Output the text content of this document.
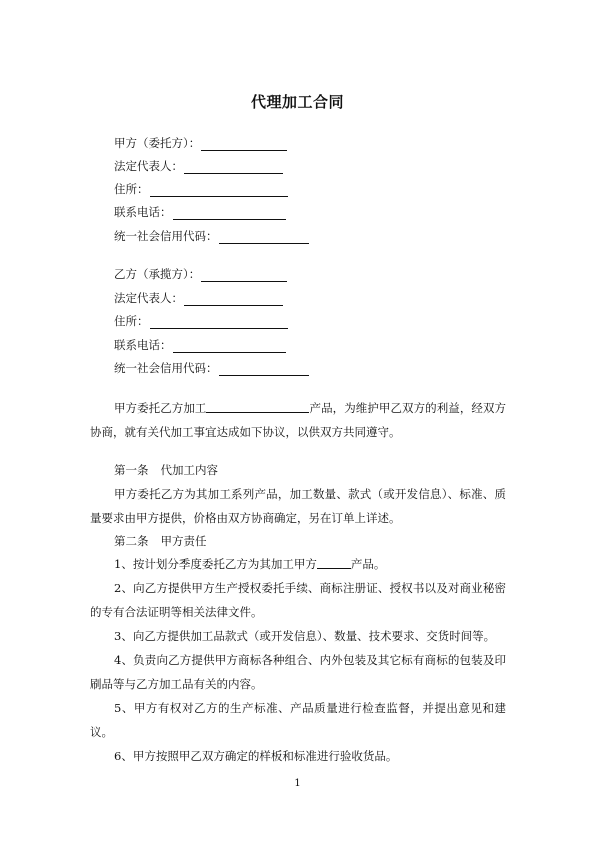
代理加工合同
甲方（委托方）：
法定代表人：
住所：
联系电话：
统一社会信用代码：
乙方（承揽方）：
法定代表人：
住所：
联系电话：
统一社会信用代码：

甲方委托乙方加工	产品，为维护甲乙双方的利益，经双方协商，就有关代加工事宜达成如下协议，以供双方共同遵守。

第一条 代加工内容

甲方委托乙方为其加工系列产品，加工数量、款式（或开发信息）、标准、质量要求由甲方提供，价格由双方协商确定，另在订单上详述。

第二条 甲方责任

1、按计划分季度委托乙方为其加工甲方	产品。

2、向乙方提供甲方生产授权委托手续、商标注册证、授权书以及对商业秘密的专有合法证明等相关法律文件。

3、向乙方提供加工品款式（或开发信息）、数量、技术要求、交货时间等。

4、负责向乙方提供甲方商标各种组合、内外包装及其它标有商标的包装及印刷品等与乙方加工品有关的内容。

5、甲方有权对乙方的生产标准、产品质量进行检查监督，并提出意见和建议。

6、甲方按照甲乙双方确定的样板和标准进行验收货品。

1
